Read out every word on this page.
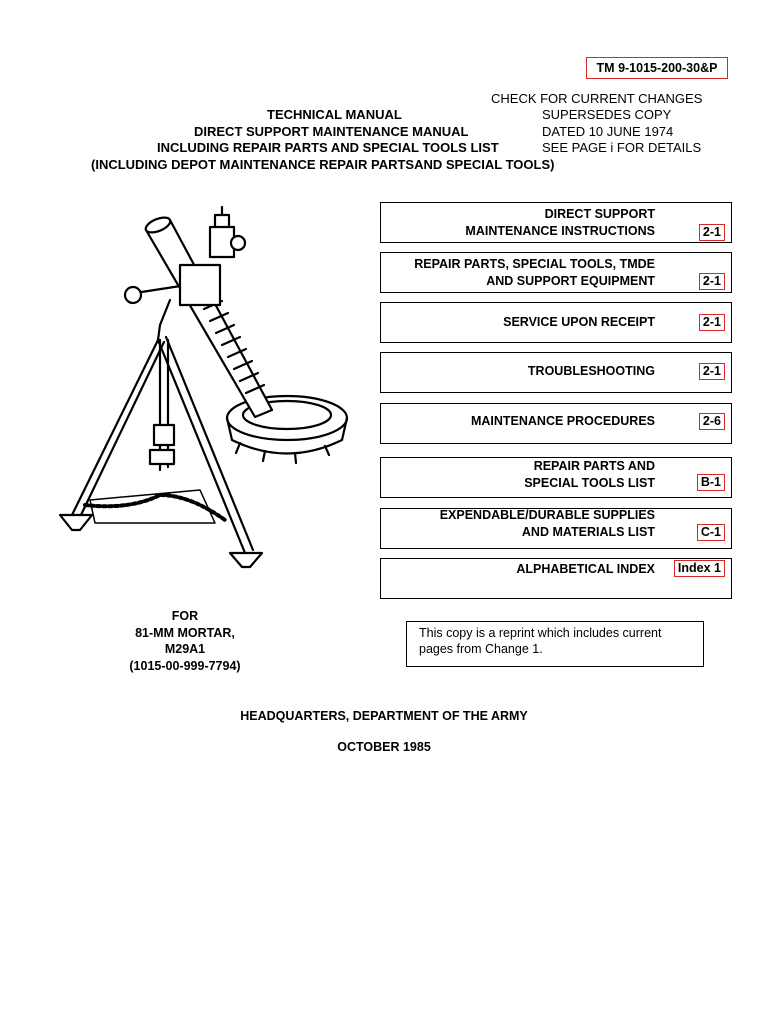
TM 9-1015-200-30&P
CHECK FOR CURRENT CHANGES
SUPERSEDES COPY
DATED 10 JUNE 1974
SEE PAGE i FOR DETAILS
TECHNICAL MANUAL
DIRECT SUPPORT MAINTENANCE MANUAL
INCLUDING REPAIR PARTS AND SPECIAL TOOLS LIST
(INCLUDING DEPOT MAINTENANCE REPAIR PARTSAND SPECIAL TOOLS)
DIRECT SUPPORT
MAINTENANCE INSTRUCTIONS	2-1
REPAIR PARTS, SPECIAL TOOLS, TMDE
AND SUPPORT EQUIPMENT	2-1
SERVICE UPON RECEIPT	2-1
TROUBLESHOOTING	2-1
MAINTENANCE PROCEDURES	2-6
REPAIR PARTS AND
SPECIAL TOOLS LIST	B-1
EXPENDABLE/DURABLE SUPPLIES
AND MATERIALS LIST	C-1
ALPHABETICAL INDEX	Index 1
FOR
81-MM MORTAR,
M29A1
(1015-00-999-7794)
This copy is a reprint which includes current pages from Change 1.
HEADQUARTERS, DEPARTMENT OF THE ARMY
OCTOBER 1985
